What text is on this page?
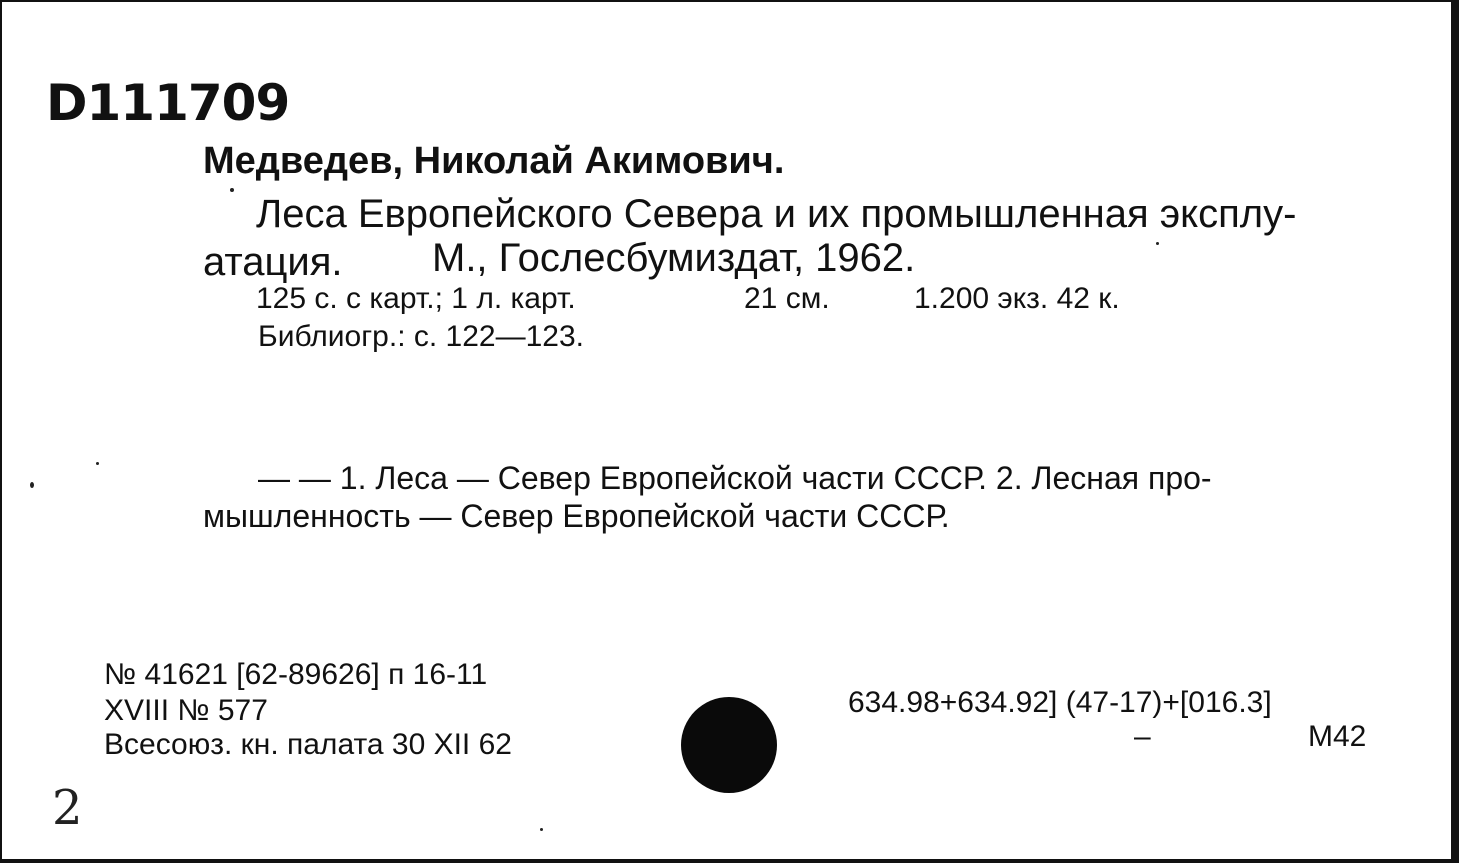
D111709
Медведев, Николай Акимович.
Леса Европейского Севера и их промышленная эксплу-
атация. М., Гослесбумиздат, 1962.
125 с. с карт.; 1 л. карт.	21 см.	1.200 экз. 42 к.
Библиогр.: с. 122—123.
— — 1. Леса — Север Европейской части СССР. 2. Лесная про-
мышленность — Север Европейской части СССР.
№ 41621 [62-89626] п 16-11
XVIII № 577
Всесоюз. кн. палата 30 XII 62
634.98+634.92] (47-17)+[016.3]
–	M42
2
